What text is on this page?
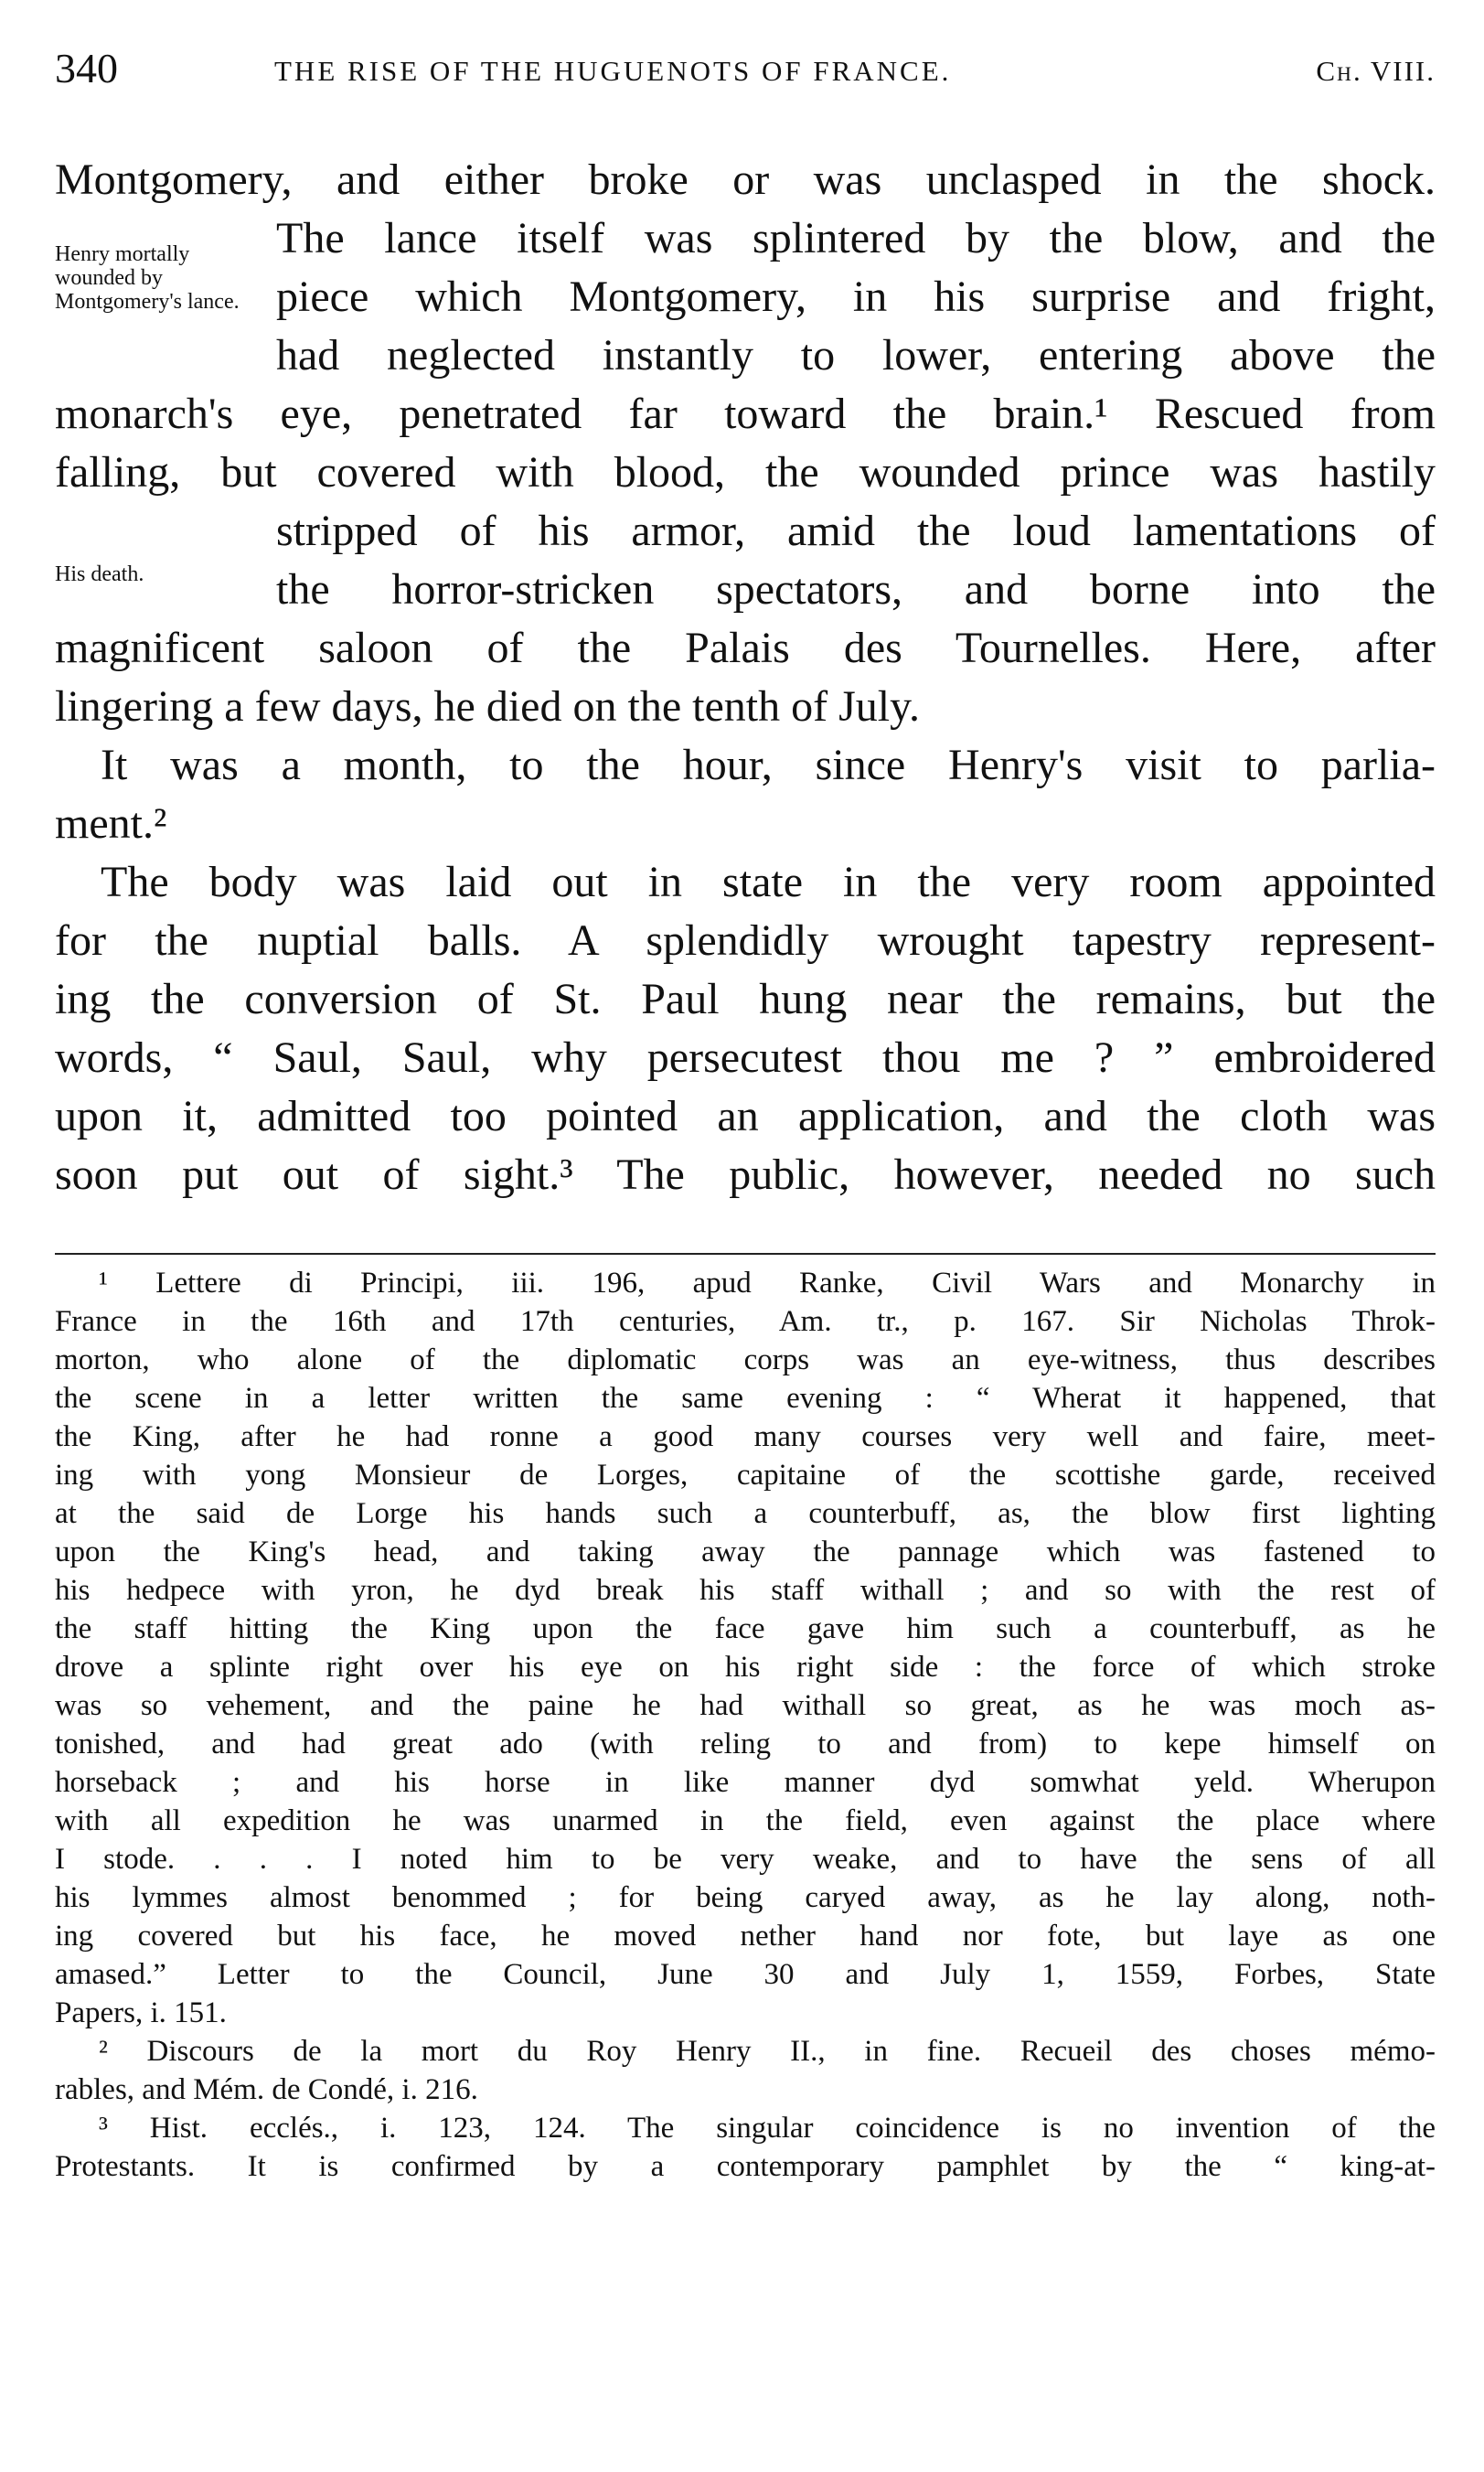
340	THE RISE OF THE HUGUENOTS OF FRANCE.	Ch. VIII.
Henry mortally wounded by Montgomery's lance.
His death.
Montgomery, and either broke or was unclasped in the shock.
The lance itself was splintered by the blow, and the
piece which Montgomery, in his surprise and fright,
had neglected instantly to lower, entering above the
monarch's eye, penetrated far toward the brain.¹ Rescued from
falling, but covered with blood, the wounded prince was hastily
stripped of his armor, amid the loud lamentations of
the horror-stricken spectators, and borne into the
magnificent saloon of the Palais des Tournelles. Here, after
lingering a few days, he died on the tenth of July.
It was a month, to the hour, since Henry's visit to parlia-
ment.²
The body was laid out in state in the very room appointed
for the nuptial balls. A splendidly wrought tapestry represent-
ing the conversion of St. Paul hung near the remains, but the
words, “ Saul, Saul, why persecutest thou me ? ” embroidered
upon it, admitted too pointed an application, and the cloth was
soon put out of sight.³ The public, however, needed no such
¹ Lettere di Principi, iii. 196, apud Ranke, Civil Wars and Monarchy in
France in the 16th and 17th centuries, Am. tr., p. 167. Sir Nicholas Throk-
morton, who alone of the diplomatic corps was an eye-witness, thus describes
the scene in a letter written the same evening : “ Wherat it happened, that
the King, after he had ronne a good many courses very well and faire, meet-
ing with yong Monsieur de Lorges, capitaine of the scottishe garde, received
at the said de Lorge his hands such a counterbuff, as, the blow first lighting
upon the King's head, and taking away the pannage which was fastened to
his hedpece with yron, he dyd break his staff withall ; and so with the rest of
the staff hitting the King upon the face gave him such a counterbuff, as he
drove a splinte right over his eye on his right side : the force of which stroke
was so vehement, and the paine he had withall so great, as he was moch as-
tonished, and had great ado (with reling to and from) to kepe himself on
horseback ; and his horse in like manner dyd somwhat yeld. Wherupon
with all expedition he was unarmed in the field, even against the place where
I stode. . . . I noted him to be very weake, and to have the sens of all
his lymmes almost benommed ; for being caryed away, as he lay along, noth-
ing covered but his face, he moved nether hand nor fote, but laye as one
amased.” Letter to the Council, June 30 and July 1, 1559, Forbes, State
Papers, i. 151.
² Discours de la mort du Roy Henry II., in fine. Recueil des choses mémo-
rables, and Mém. de Condé, i. 216.
³ Hist. ecclés., i. 123, 124. The singular coincidence is no invention of the
Protestants. It is confirmed by a contemporary pamphlet by the “ king-at-
